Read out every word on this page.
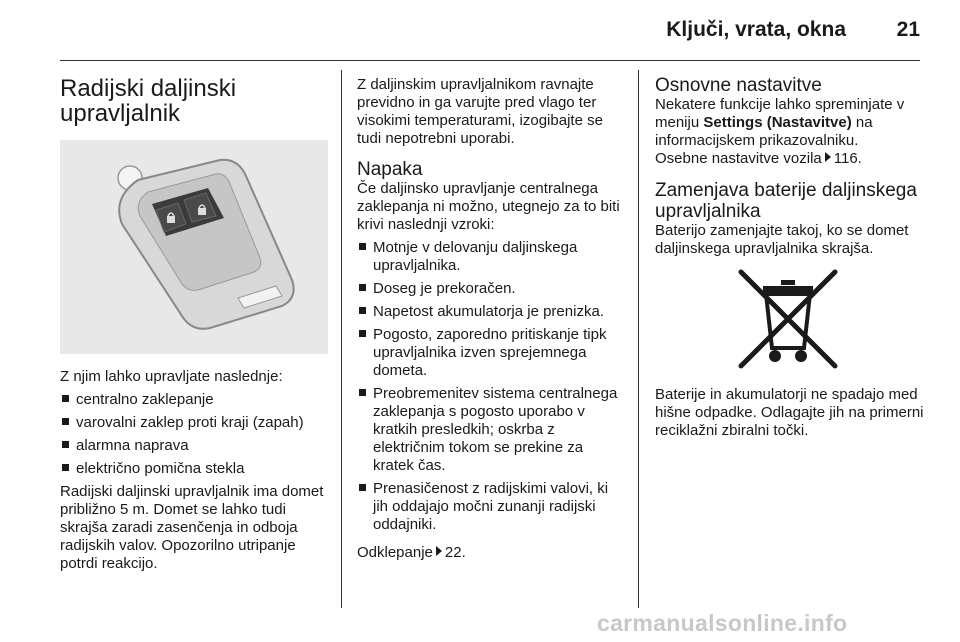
Ključi, vrata, okna 21
Radijski daljinski
upravljalnik

Z njim lahko upravljate naslednje:

centralno zaklepanje
varovalni zaklep proti kraji (zapah)
alarmna naprava
električno pomična stekla

Radijski daljinski upravljalnik ima domet približno 5 m. Domet se lahko tudi skrajša zaradi zasenčenja in odboja radijskih valov. Opozorilno utripanje potrdi reakcijo.

Z daljinskim upravljalnikom ravnajte previdno in ga varujte pred vlago ter visokimi temperaturami, izogibajte se tudi nepotrebni uporabi.

Napaka

Če daljinsko upravljanje centralnega zaklepanja ni možno, utegnejo za to biti krivi naslednji vzroki:

Motnje v delovanju daljinskega upravljalnika.
Doseg je prekoračen.
Napetost akumulatorja je prenizka.
Pogosto, zaporedno pritiskanje tipk upravljalnika izven sprejemnega dometa.
Preobremenitev sistema centralnega zaklepanja s pogosto uporabo v kratkih presledkih; oskrba z električnim tokom se prekine za kratek čas.
Prenasičenost z radijskimi valovi, ki jih oddajajo močni zunanji radijski oddajniki.

Odklepanje 22.

Osnovne nastavitve

Nekatere funkcije lahko spreminjate v meniju Settings (Nastavitve) na informacijskem prikazovalniku.
Osebne nastavitve vozila 116.

Zamenjava baterije daljinskega
upravljalnika

Baterijo zamenjajte takoj, ko se domet daljinskega upravljalnika skrajša.

Baterije in akumulatorji ne spadajo med hišne odpadke. Odlagajte jih na primerni reciklažni zbiralni točki.

carmanualsonline.info
